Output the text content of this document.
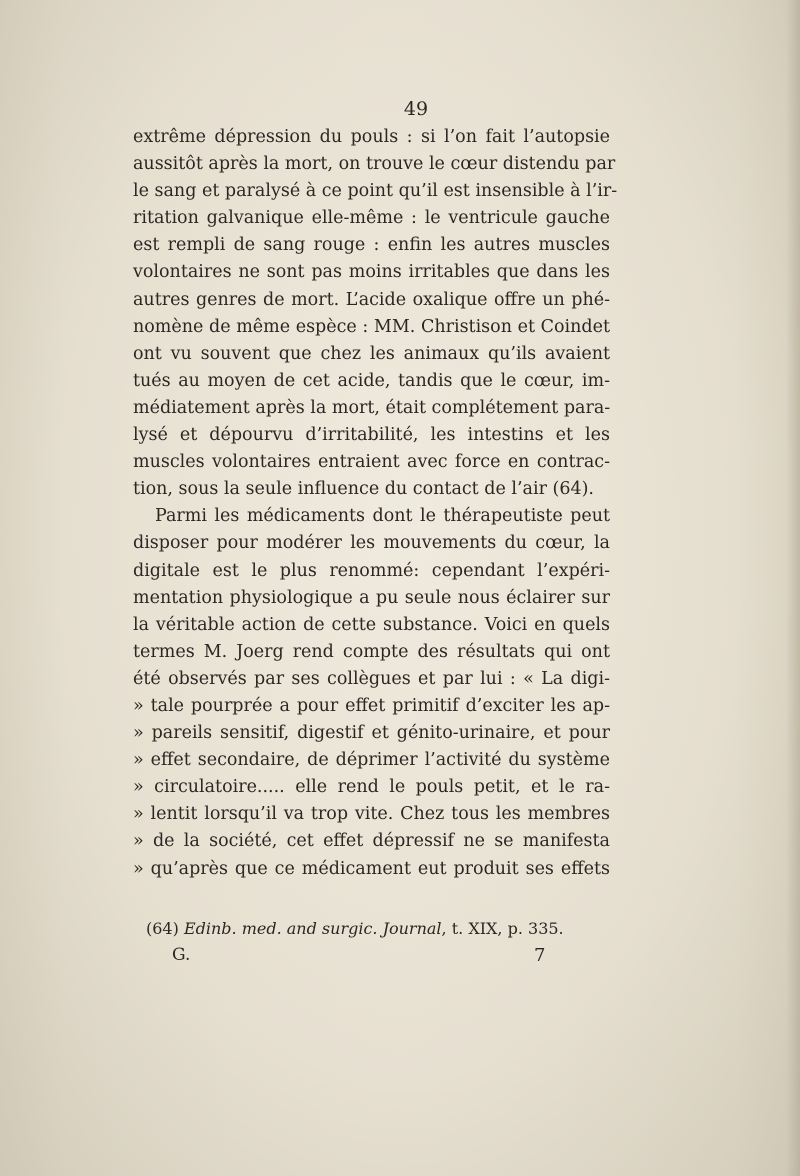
49
extrême dépression du pouls : si l’on fait l’autopsie
aussitôt après la mort, on trouve le cœur distendu par
le sang et paralysé à ce point qu’il est insensible à l’ir-
ritation galvanique elle-même : le ventricule gauche
est rempli de sang rouge : enfin les autres muscles
volontaires ne sont pas moins irritables que dans les
autres genres de mort. L’acide oxalique offre un phé-
nomène de même espèce : MM. Christison et Coindet
ont vu souvent que chez les animaux qu’ils avaient
tués au moyen de cet acide, tandis que le cœur, im-
médiatement après la mort, était complétement para-
lysé et dépourvu d’irritabilité, les intestins et les
muscles volontaires entraient avec force en contrac-
tion, sous la seule influence du contact de l’air (64).
Parmi les médicaments dont le thérapeutiste peut
disposer pour modérer les mouvements du cœur, la
digitale est le plus renommé: cependant l’expéri-
mentation physiologique a pu seule nous éclairer sur
la véritable action de cette substance. Voici en quels
termes M. Joerg rend compte des résultats qui ont
été observés par ses collègues et par lui : « La digi-
» tale pourprée a pour effet primitif d’exciter les ap-
» pareils sensitif, digestif et génito-urinaire, et pour
» effet secondaire, de déprimer l’activité du système
» circulatoire..... elle rend le pouls petit, et le ra-
» lentit lorsqu’il va trop vite. Chez tous les membres
» de la société, cet effet dépressif ne se manifesta
» qu’après que ce médicament eut produit ses effets
(64) Edinb. med. and surgic. Journal, t. XIX, p. 335.
G.	7
